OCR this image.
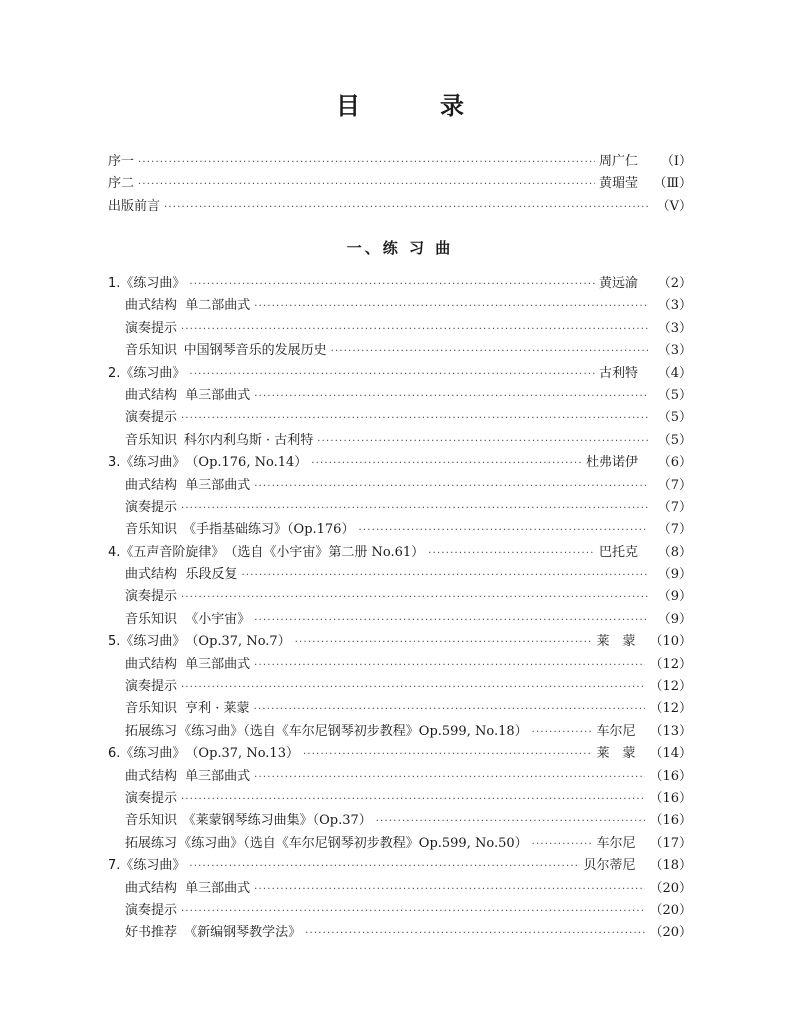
目　录
序一 ·····	周广仁	（Ⅰ）
序二 ·····	黄瑂莹 （Ⅲ）
出版前言 ·····	（Ⅴ）
一、练 习 曲
1.《练习曲》 ·····	黄远渝	（2）
曲式结构 单二部曲式 ·····	（3）
演奏提示 ·····	（3）
音乐知识 中国钢琴音乐的发展历史 ·····	（3）
2.《练习曲》 ·····	古利特	（4）
曲式结构 单三部曲式 ·····	（5）
演奏提示 ·····	（5）
音乐知识 科尔内利乌斯 · 古利特 ·····	（5）
3.《练习曲》 （Op.176, No.14） ·····	杜弗诺伊	（6）
曲式结构 单三部曲式 ·····	（7）
演奏提示 ·····	（7）
音乐知识 《手指基础练习》（Op.176） ·····	（7）
4.《五声音阶旋律》 （选自《小宇宙》第二册 No.61） ·····	巴托克	（8）
曲式结构 乐段反复 ·····	（9）
演奏提示 ·····	（9）
音乐知识 《小宇宙》 ·····	（9）
5.《练习曲》 （Op.37, No.7） ·····	莱　蒙 （10）
曲式结构 单三部曲式 ·····	（12）
演奏提示 ·····	（12）
音乐知识 亨利 · 莱蒙 ·····	（12）
拓展练习 《练习曲》（选自《车尔尼钢琴初步教程》Op.599, No.18） ·····	车尔尼 （13）
6.《练习曲》 （Op.37, No.13） ·····	莱　蒙 （14）
曲式结构 单三部曲式 ·····	（16）
演奏提示 ·····	（16）
音乐知识 《莱蒙钢琴练习曲集》（Op.37） ·····	（16）
拓展练习 《练习曲》（选自《车尔尼钢琴初步教程》Op.599, No.50） ·····	车尔尼 （17）
7.《练习曲》 ·····	贝尔蒂尼 （18）
曲式结构 单三部曲式 ·····	（20）
演奏提示 ·····	（20）
好书推荐 《新编钢琴教学法》 ·····	（20）
